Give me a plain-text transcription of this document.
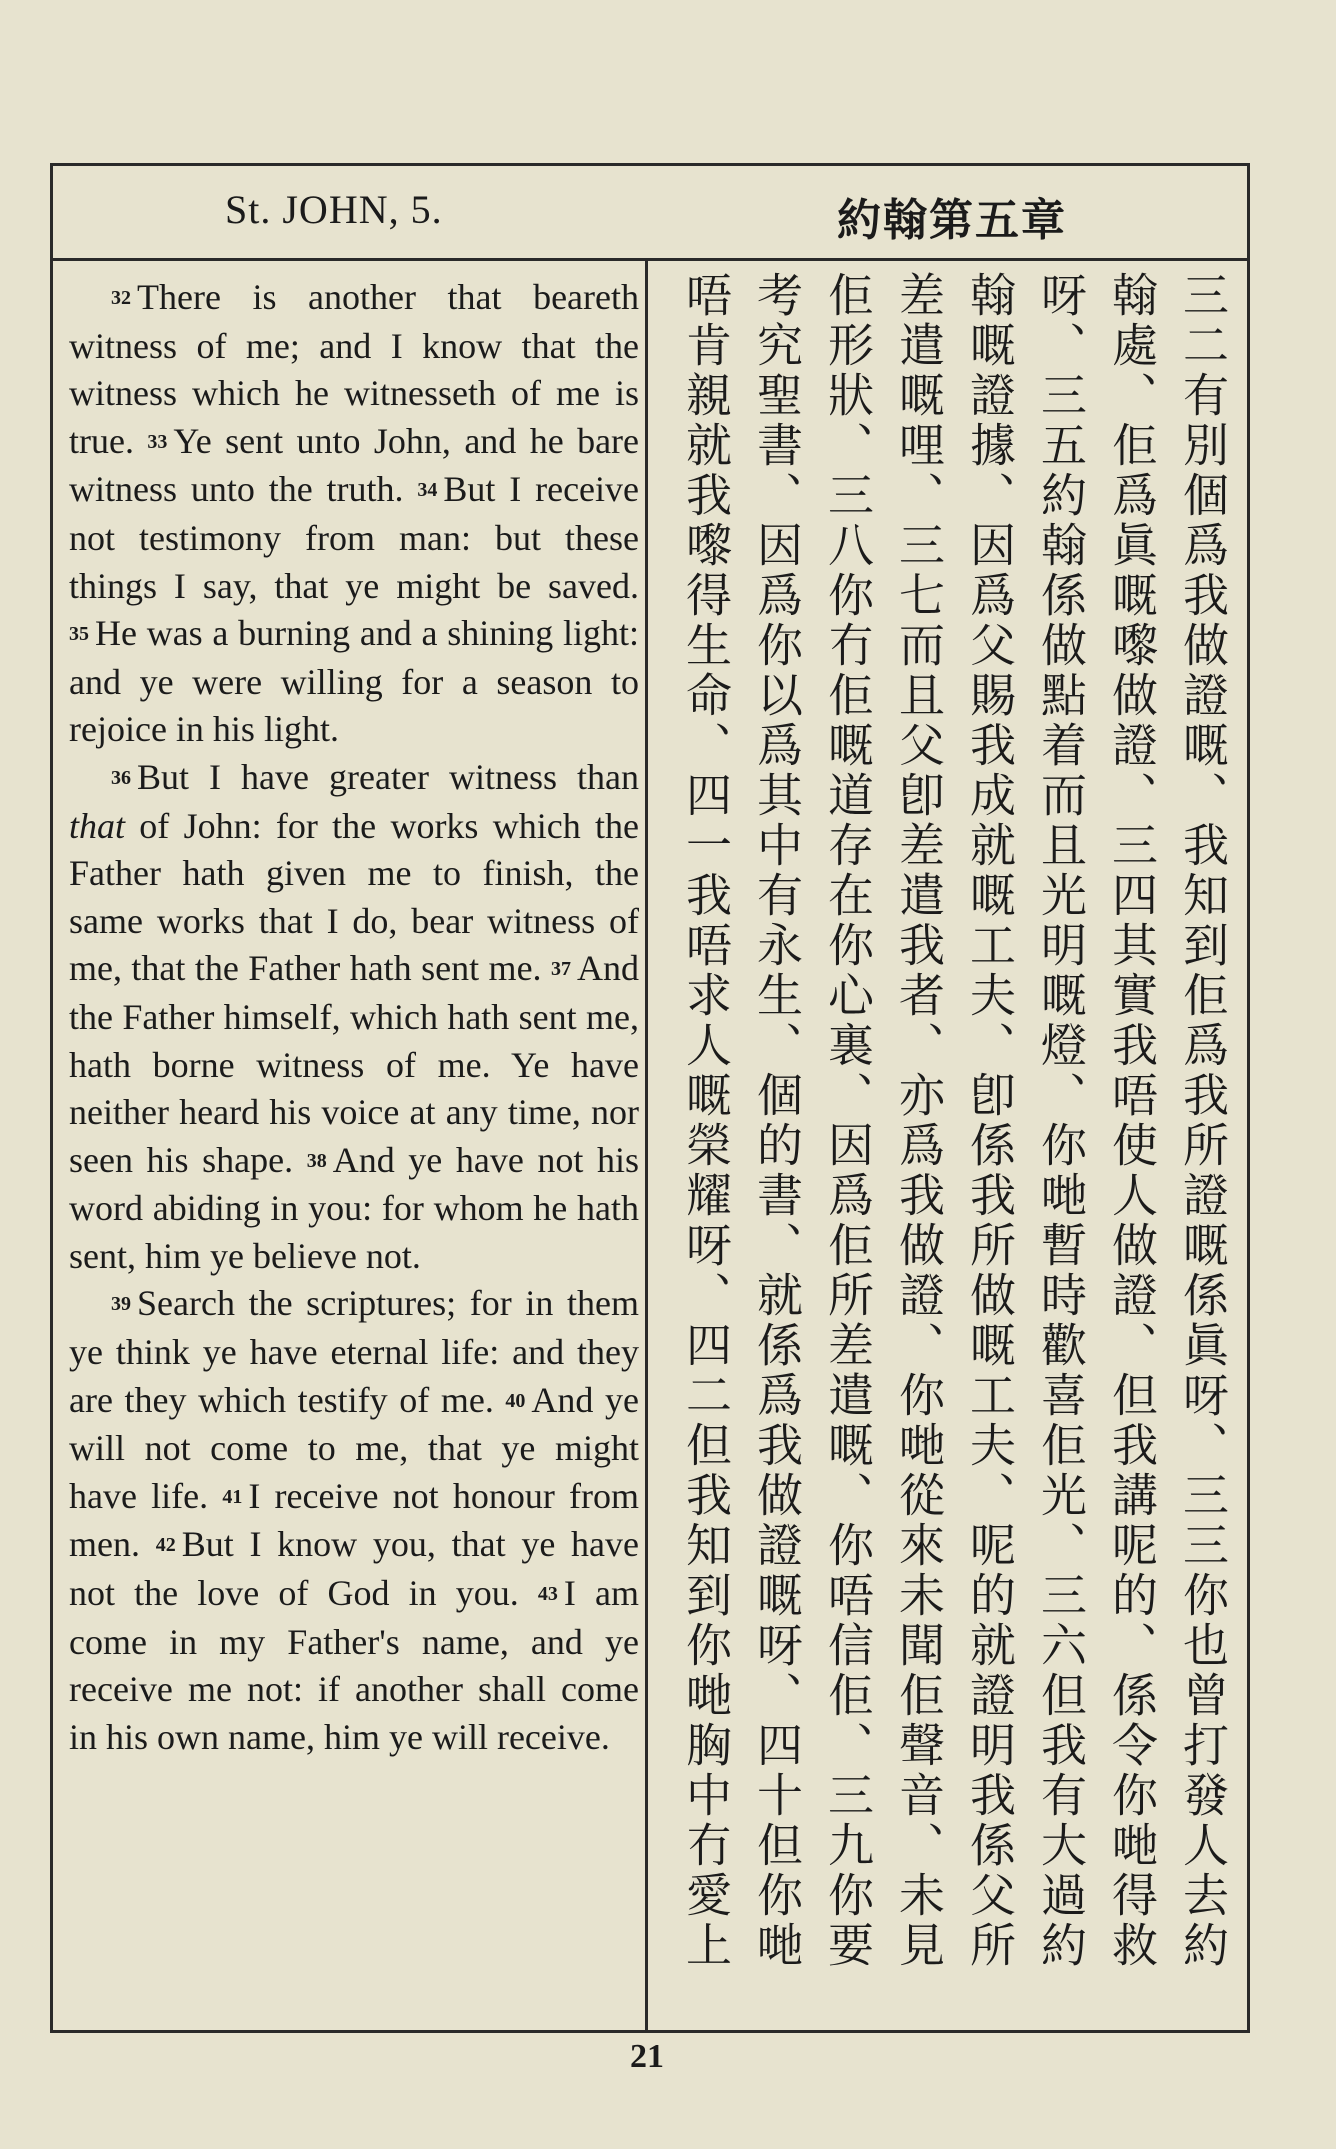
St. JOHN, 5.	約翰第五章

32 There is another that beareth witness of me; and I know that the witness which he witnesseth of me is true. 33 Ye sent unto John, and he bare witness unto the truth. 34 But I receive not testimony from man: but these things I say, that ye might be saved. 35 He was a burning and a shining light: and ye were willing for a season to rejoice in his light.

36 But I have greater witness than that of John: for the works which the Father hath given me to finish, the same works that I do, bear witness of me, that the Father hath sent me. 37 And the Father himself, which hath sent me, hath borne witness of me. Ye have neither heard his voice at any time, nor seen his shape. 38 And ye have not his word abiding in you: for whom he hath sent, him ye believe not.

39 Search the scriptures; for in them ye think ye have eternal life: and they are they which testify of me. 40 And ye will not come to me, that ye might have life. 41 I receive not honour from men. 42 But I know you, that ye have not the love of God in you. 43 I am come in my Father's name, and ye receive me not: if another shall come in his own name, him ye will receive.

三二有別個爲我做證嘅、我知到佢爲我所證嘅係眞呀、三三你也曾打發人去約翰處、佢爲眞嘅嚟做證、三四其實我唔使人做證、但我講呢的、係令你哋得救呀、三五約翰係做點着而且光明嘅燈、你哋暫時歡喜佢光、三六但我有大過約翰嘅證據、因爲父賜我成就嘅工夫、卽係我所做嘅工夫、呢的就證明我係父所差遣嘅哩、三七而且父卽差遣我者、亦爲我做證、你哋從來未聞佢聲音、未見佢形狀、三八你冇佢嘅道存在你心裏、因爲佢所差遣嘅、你唔信佢、三九你要考究聖書、因爲你以爲其中有永生、個的書、就係爲我做證嘅呀、四十但你哋唔肯親就我嚟得生命、四一我唔求人嘅榮耀呀、四二但我知到你哋胸中冇愛上
21
